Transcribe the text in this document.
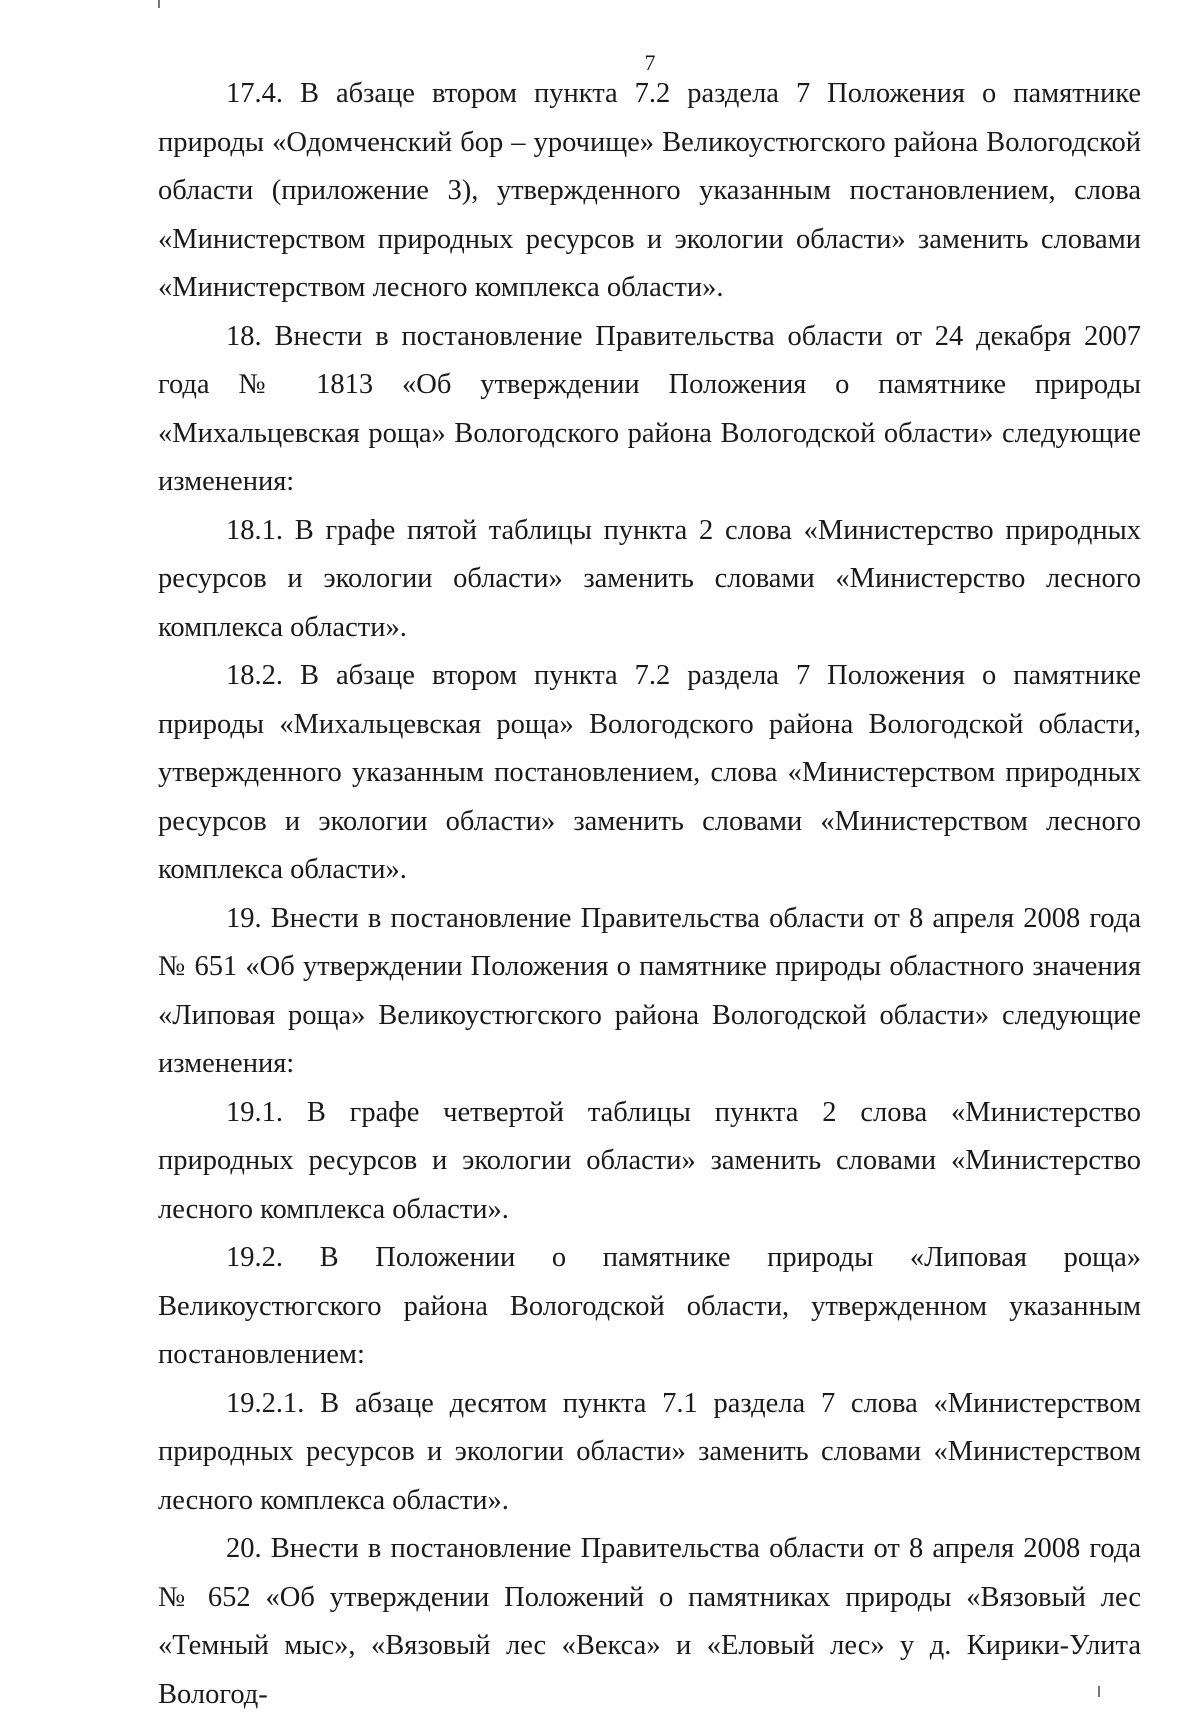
7

17.4. В абзаце втором пункта 7.2 раздела 7 Положения о памятнике природы «Одомченский бор – урочище» Великоустюгского района Вологодской области (приложение 3), утвержденного указанным постановлением, слова «Министерством природных ресурсов и экологии области» заменить словами «Министерством лесного комплекса области».

18. Внести в постановление Правительства области от 24 декабря 2007 года № 1813 «Об утверждении Положения о памятнике природы «Михальцевская роща» Вологодского района Вологодской области» следующие изменения:

18.1. В графе пятой таблицы пункта 2 слова «Министерство природных ресурсов и экологии области» заменить словами «Министерство лесного комплекса области».

18.2. В абзаце втором пункта 7.2 раздела 7 Положения о памятнике природы «Михальцевская роща» Вологодского района Вологодской области, утвержденного указанным постановлением, слова «Министерством природных ресурсов и экологии области» заменить словами «Министерством лесного комплекса области».

19. Внести в постановление Правительства области от 8 апреля 2008 года № 651 «Об утверждении Положения о памятнике природы областного значения «Липовая роща» Великоустюгского района Вологодской области» следующие изменения:

19.1. В графе четвертой таблицы пункта 2 слова «Министерство природных ресурсов и экологии области» заменить словами «Министерство лесного комплекса области».

19.2. В Положении о памятнике природы «Липовая роща» Великоустюгского района Вологодской области, утвержденном указанным постановлением:

19.2.1. В абзаце десятом пункта 7.1 раздела 7 слова «Министерством природных ресурсов и экологии области» заменить словами «Министерством лесного комплекса области».

20. Внести в постановление Правительства области от 8 апреля 2008 года № 652 «Об утверждении Положений о памятниках природы «Вязовый лес «Темный мыс», «Вязовый лес «Векса» и «Еловый лес» у д. Кирики-Улита Вологод-
